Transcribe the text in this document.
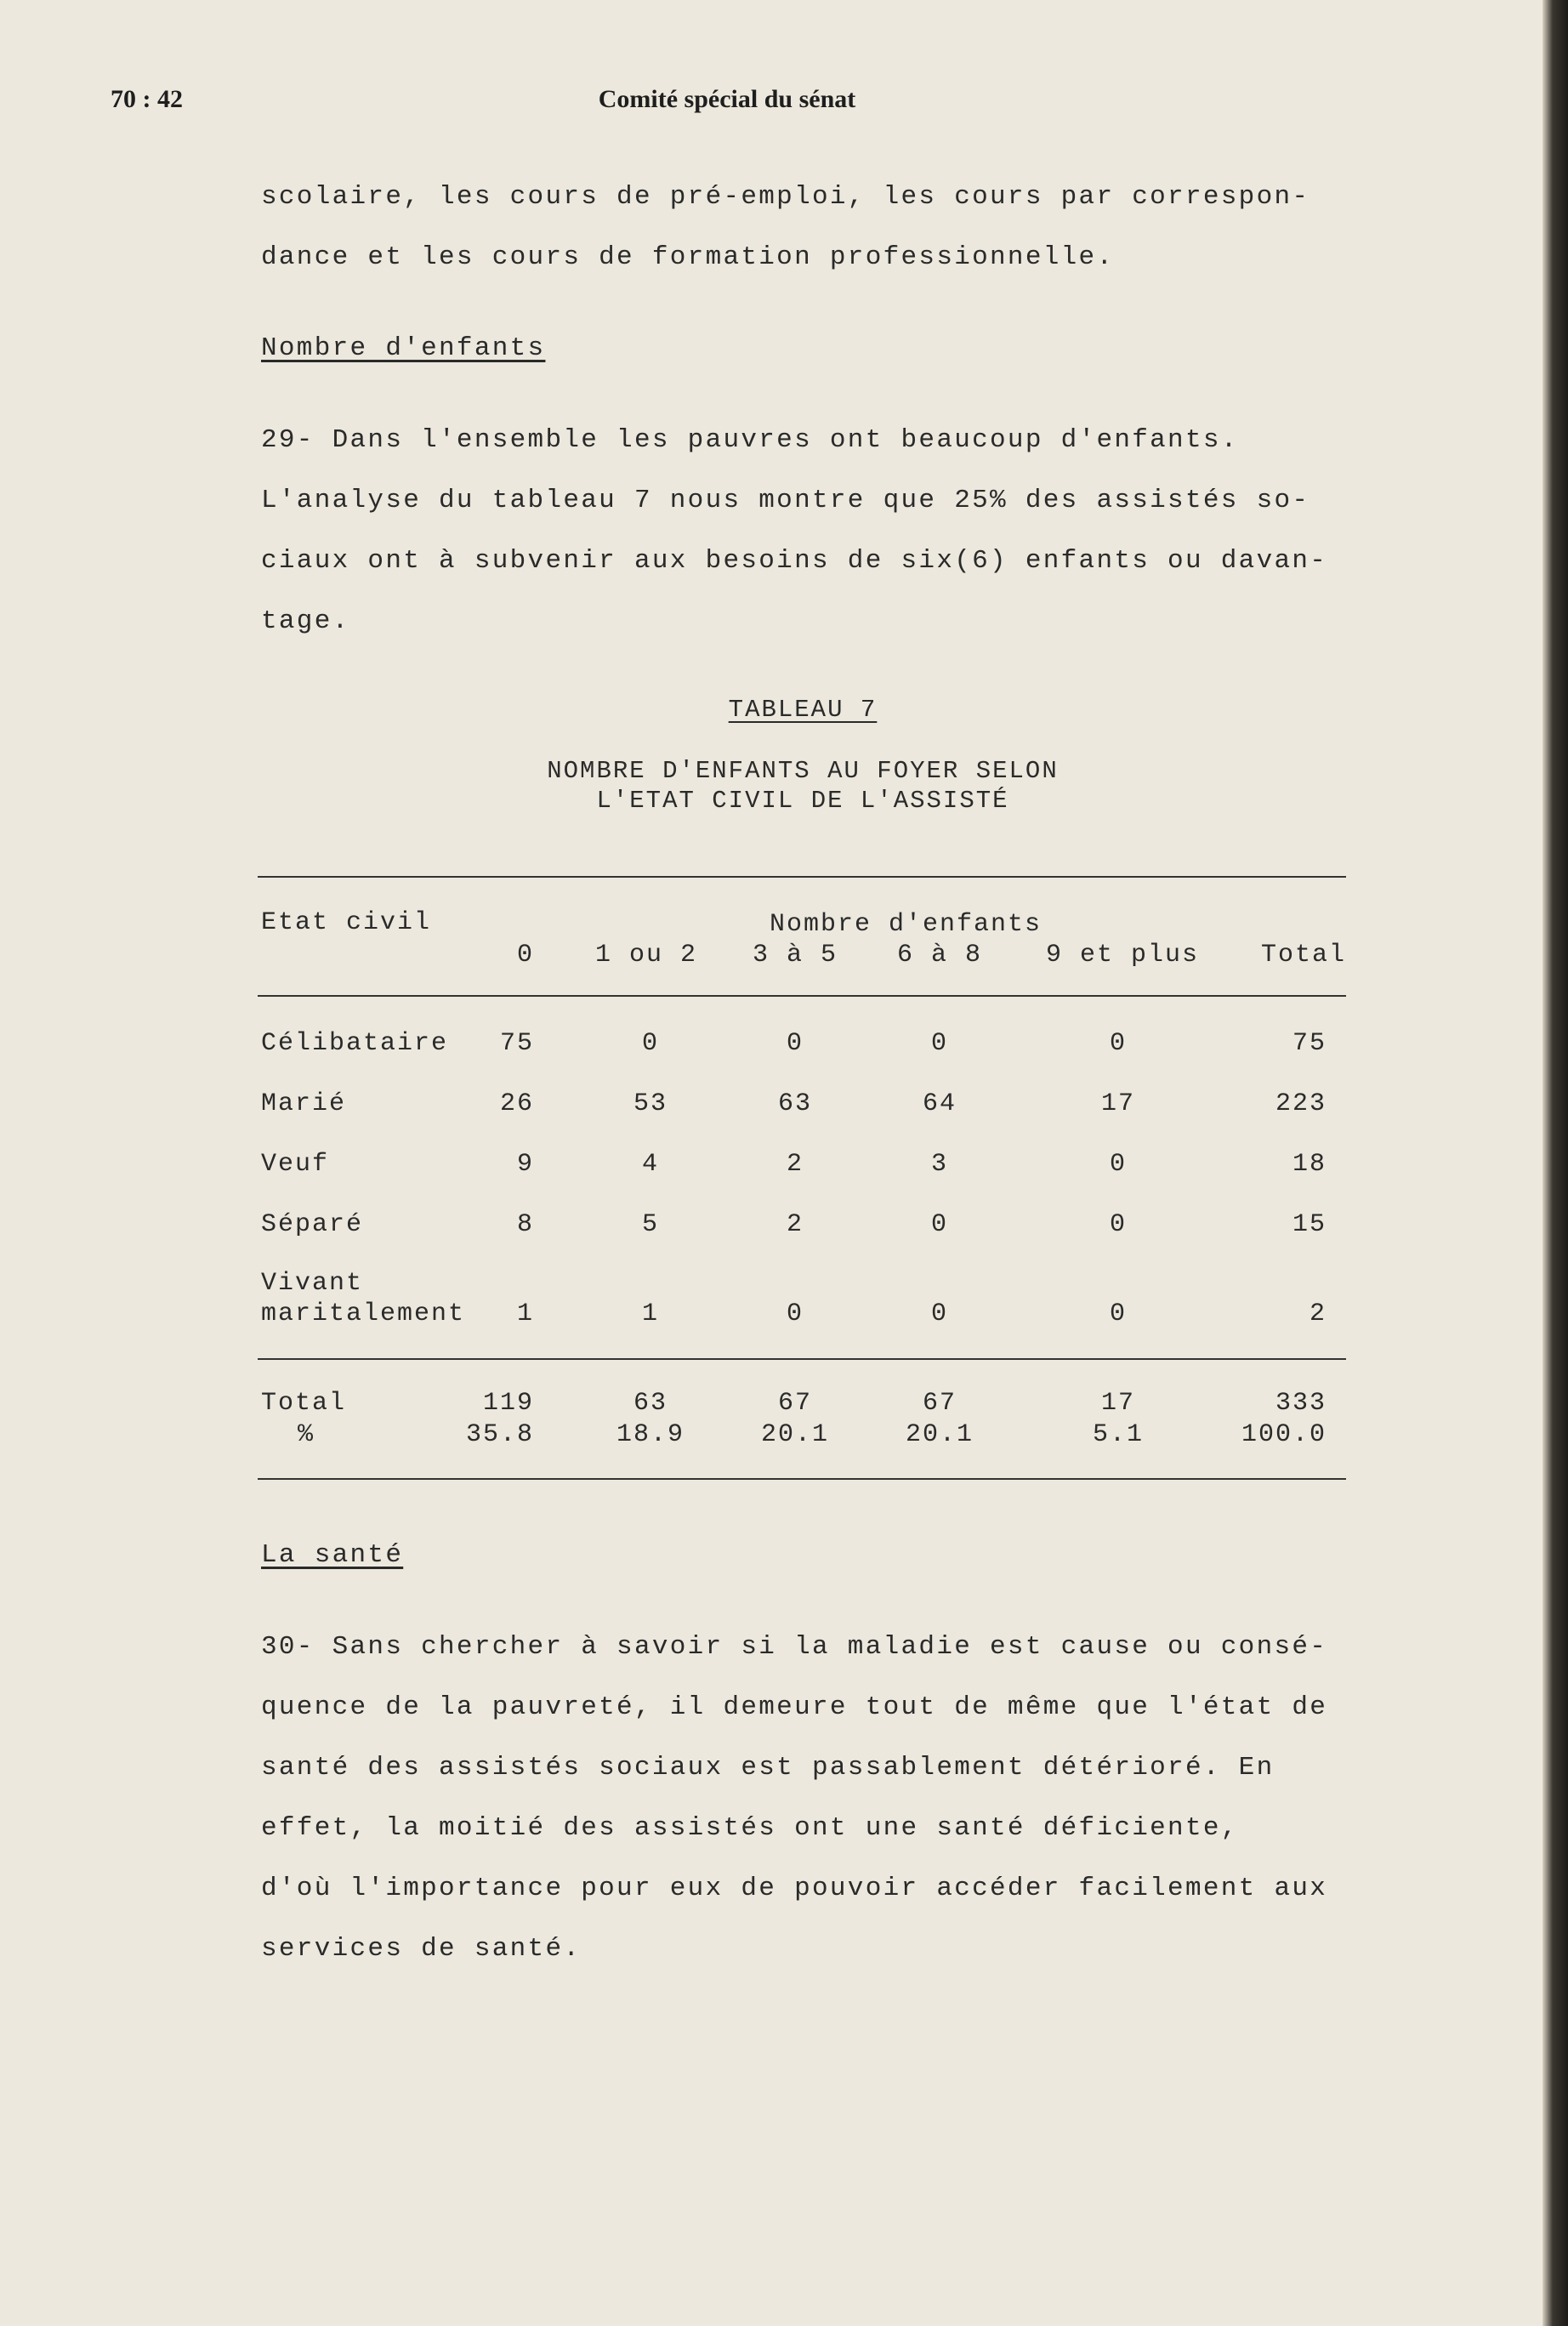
70 : 42	Comité spécial du sénat
scolaire, les cours de pré-emploi, les cours par correspon-
dance et les cours de formation professionnelle.
Nombre d'enfants
29- Dans l'ensemble les pauvres ont beaucoup d'enfants.
L'analyse du tableau 7 nous montre que 25% des assistés so-
ciaux ont à subvenir aux besoins de six(6) enfants ou davan-
tage.
TABLEAU 7
NOMBRE D'ENFANTS AU FOYER SELON
L'ETAT CIVIL DE L'ASSISTÉ
Etat civil	Nombre d'enfants
0	1 ou 2	3 à 5	6 à 8	9 et plus	Total
Célibataire	75	0	0	0	0	75
Marié	26	53	63	64	17	223
Veuf	9	4	2	3	0	18
Séparé	8	5	2	0	0	15
Vivant
maritalement	1	1	0	0	0	2
Total	119	63	67	67	17	333
%	35.8	18.9	20.1	20.1	5.1	100.0
La santé
30- Sans chercher à savoir si la maladie est cause ou consé-
quence de la pauvreté, il demeure tout de même que l'état de
santé des assistés sociaux est passablement détérioré. En
effet, la moitié des assistés ont une santé déficiente,
d'où l'importance pour eux de pouvoir accéder facilement aux
services de santé.
